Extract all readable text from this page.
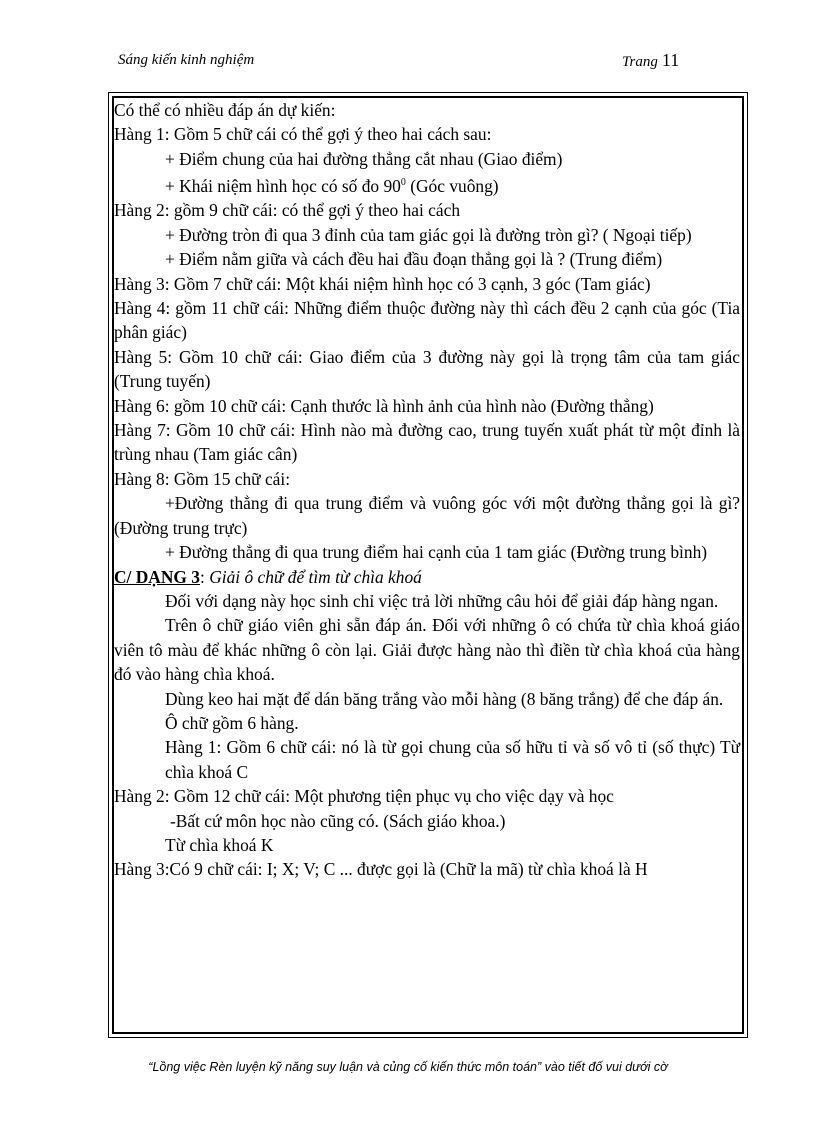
Sáng kiến kinh nghiệm	Trang 11

Có thể có nhiều đáp án dự kiến:

Hàng 1: Gồm 5 chữ cái có thể gợi ý theo hai cách sau:

+ Điểm chung của hai đường thẳng cắt nhau (Giao điểm)

+ Khái niệm hình học có số đo $90^0$ (Góc vuông)

Hàng 2: gồm 9 chữ cái: có thể gợi ý theo hai cách

+ Đường tròn đi qua 3 đỉnh của tam giác gọi là đường tròn gì? ( Ngoại tiếp)

+ Điểm nằm giữa và cách đều hai đầu đoạn thẳng gọi là ? (Trung điểm)

Hàng 3: Gồm 7 chữ cái: Một khái niệm hình học có 3 cạnh, 3 góc (Tam giác)

Hàng 4: gồm 11 chữ cái: Những điểm thuộc đường này thì cách đều 2 cạnh của góc (Tia phân giác)

Hàng 5: Gồm 10 chữ cái: Giao điểm của 3 đường này gọi là trọng tâm của tam giác (Trung tuyến)

Hàng 6: gồm 10 chữ cái: Cạnh thước là hình ảnh của hình nào (Đường thẳng)

Hàng 7: Gồm 10 chữ cái: Hình nào mà đường cao, trung tuyến xuất phát từ một đỉnh là trùng nhau (Tam giác cân)

Hàng 8: Gồm 15 chữ cái:

+Đường thẳng đi qua trung điểm và vuông góc với một đường thẳng gọi là gì? (Đường trung trực)

+ Đường thẳng đi qua trung điểm hai cạnh của 1 tam giác (Đường trung bình)

C/ DẠNG 3: Giải ô chữ để tìm từ chìa khoá

Đối với dạng này học sinh chỉ việc trả lời những câu hỏi để giải đáp hàng ngan.

Trên ô chữ giáo viên ghi sẵn đáp án. Đối với những ô có chứa từ chìa khoá giáo viên tô màu để khác những ô còn lại. Giải được hàng nào thì điền từ chìa khoá của hàng đó vào hàng chìa khoá.

Dùng keo hai mặt để dán băng trắng vào mỗi hàng (8 băng trắng) để che đáp án.

Ô chữ gồm 6 hàng.

Hàng 1: Gồm 6 chữ cái: nó là từ gọi chung của số hữu tỉ và số vô tỉ (số thực) Từ chìa khoá C

Hàng 2: Gồm 12 chữ cái: Một phương tiện phục vụ cho việc dạy và học

-Bất cứ môn học nào cũng có. (Sách giáo khoa.)

Từ chìa khoá K

Hàng 3:Có 9 chữ cái: I; X; V; C ... được gọi là (Chữ la mã) từ chìa khoá là H

“Lồng việc Rèn luyện kỹ năng suy luận và củng cố kiến thức môn toán” vào tiết đố vui dưới cờ
